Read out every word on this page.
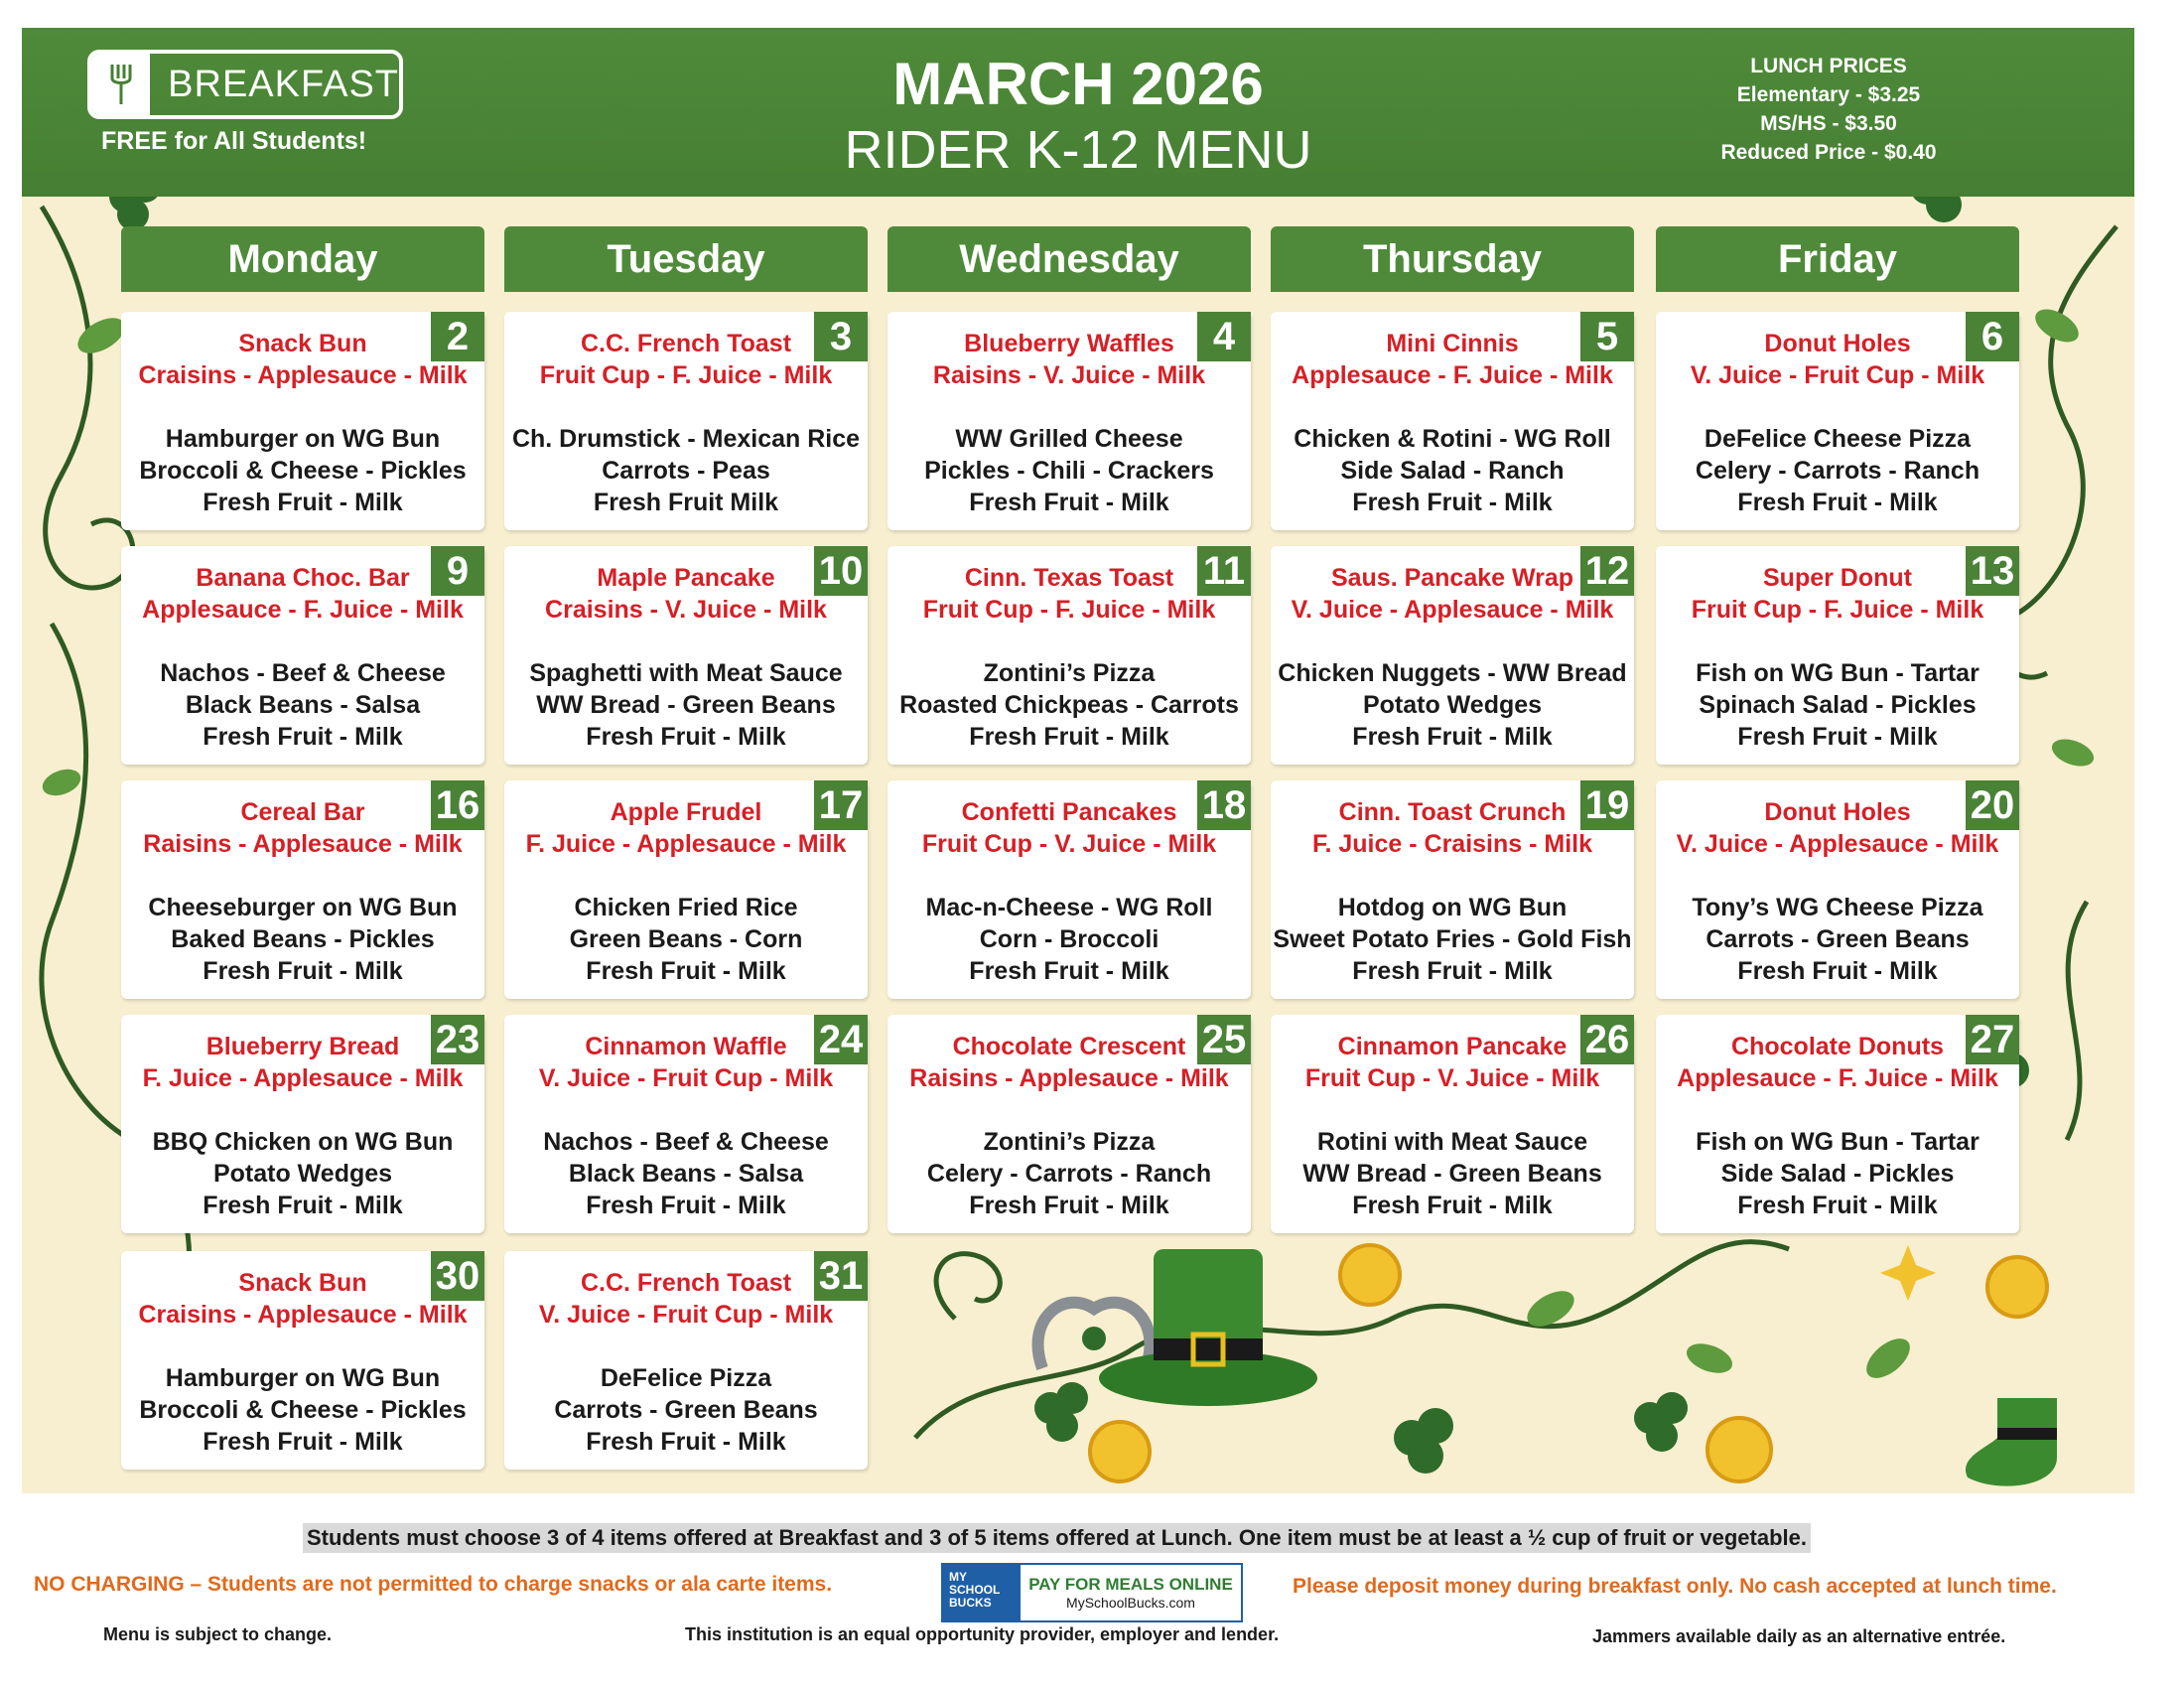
BREAKFAST
FREE for All Students!
MARCH 2026
RIDER K-12 MENU
LUNCH PRICES
Elementary - $3.25
MS/HS - $3.50
Reduced Price - $0.40
Monday	Tuesday	Wednesday	Thursday	Friday
2
Snack Bun
Craisins - Applesauce - Milk
Hamburger on WG Bun
Broccoli & Cheese - Pickles
Fresh Fruit - Milk
3
C.C. French Toast
Fruit Cup - F. Juice - Milk
Ch. Drumstick - Mexican Rice
Carrots - Peas
Fresh Fruit Milk
4
Blueberry Waffles
Raisins - V. Juice - Milk
WW Grilled Cheese
Pickles - Chili - Crackers
Fresh Fruit - Milk
5
Mini Cinnis
Applesauce - F. Juice - Milk
Chicken & Rotini - WG Roll
Side Salad - Ranch
Fresh Fruit - Milk
6
Donut Holes
V. Juice - Fruit Cup - Milk
DeFelice Cheese Pizza
Celery - Carrots - Ranch
Fresh Fruit - Milk
9
Banana Choc. Bar
Applesauce - F. Juice - Milk
Nachos - Beef & Cheese
Black Beans - Salsa
Fresh Fruit - Milk
10
Maple Pancake
Craisins - V. Juice - Milk
Spaghetti with Meat Sauce
WW Bread - Green Beans
Fresh Fruit - Milk
11
Cinn. Texas Toast
Fruit Cup - F. Juice - Milk
Zontini’s Pizza
Roasted Chickpeas - Carrots
Fresh Fruit - Milk
12
Saus. Pancake Wrap
V. Juice - Applesauce - Milk
Chicken Nuggets - WW Bread
Potato Wedges
Fresh Fruit - Milk
13
Super Donut
Fruit Cup - F. Juice - Milk
Fish on WG Bun - Tartar
Spinach Salad - Pickles
Fresh Fruit - Milk
16
Cereal Bar
Raisins - Applesauce - Milk
Cheeseburger on WG Bun
Baked Beans - Pickles
Fresh Fruit - Milk
17
Apple Frudel
F. Juice - Applesauce - Milk
Chicken Fried Rice
Green Beans - Corn
Fresh Fruit - Milk
18
Confetti Pancakes
Fruit Cup - V. Juice - Milk
Mac-n-Cheese - WG Roll
Corn - Broccoli
Fresh Fruit - Milk
19
Cinn. Toast Crunch
F. Juice - Craisins - Milk
Hotdog on WG Bun
Sweet Potato Fries - Gold Fish
Fresh Fruit - Milk
20
Donut Holes
V. Juice - Applesauce - Milk
Tony’s WG Cheese Pizza
Carrots - Green Beans
Fresh Fruit - Milk
23
Blueberry Bread
F. Juice - Applesauce - Milk
BBQ Chicken on WG Bun
Potato Wedges
Fresh Fruit - Milk
24
Cinnamon Waffle
V. Juice - Fruit Cup - Milk
Nachos - Beef & Cheese
Black Beans - Salsa
Fresh Fruit - Milk
25
Chocolate Crescent
Raisins - Applesauce - Milk
Zontini’s Pizza
Celery - Carrots - Ranch
Fresh Fruit - Milk
26
Cinnamon Pancake
Fruit Cup - V. Juice - Milk
Rotini with Meat Sauce
WW Bread - Green Beans
Fresh Fruit - Milk
27
Chocolate Donuts
Applesauce - F. Juice - Milk
Fish on WG Bun - Tartar
Side Salad - Pickles
Fresh Fruit - Milk
30
Snack Bun
Craisins - Applesauce - Milk
Hamburger on WG Bun
Broccoli & Cheese - Pickles
Fresh Fruit - Milk
31
C.C. French Toast
V. Juice - Fruit Cup - Milk
DeFelice Pizza
Carrots - Green Beans
Fresh Fruit - Milk
Students must choose 3 of 4 items offered at Breakfast and 3 of 5 items offered at Lunch. One item must be at least a ½ cup of fruit or vegetable.
NO CHARGING – Students are not permitted to charge snacks or ala carte items.	MY SCHOOL BUCKS
PAY FOR MEALS ONLINE
MySchoolBucks.com
Please deposit money during breakfast only. No cash accepted at lunch time.
Menu is subject to change.	This institution is an equal opportunity provider, employer and lender.	Jammers available daily as an alternative entrée.
